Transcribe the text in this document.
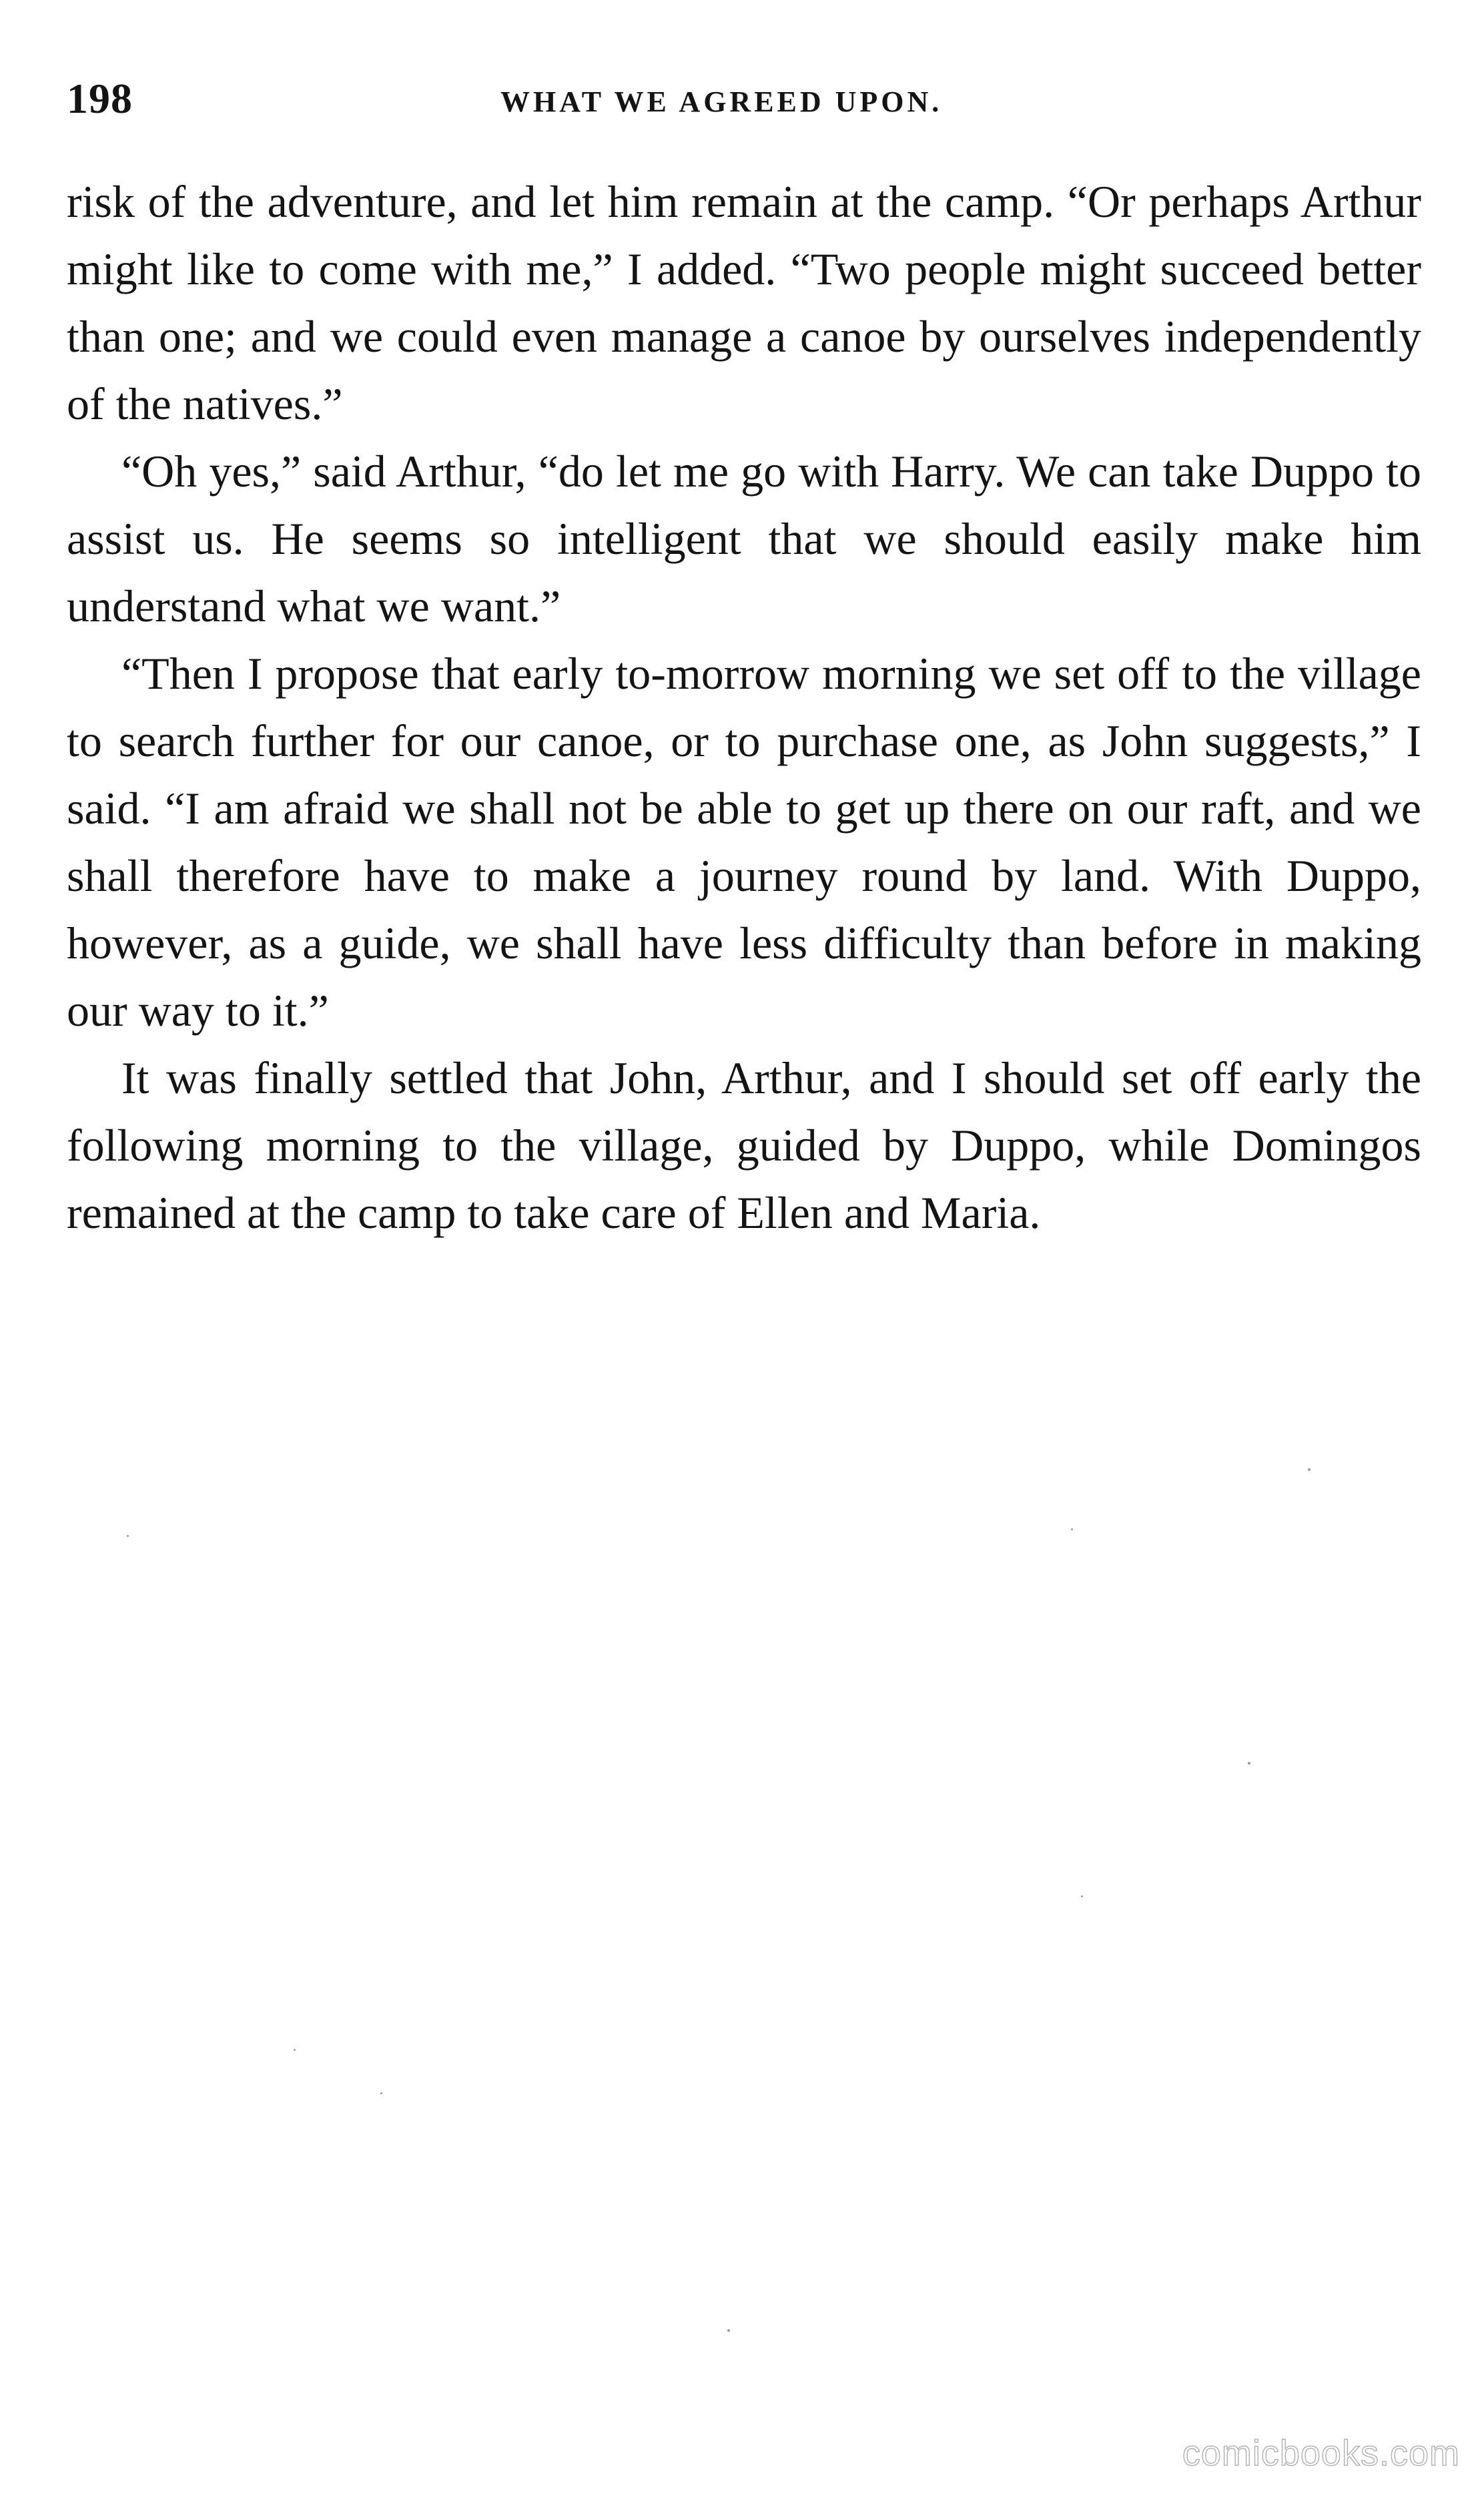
198	WHAT WE AGREED UPON.

risk of the adventure, and let him remain at the camp. “Or perhaps Arthur might like to come with me,” I added. “Two people might succeed better than one; and we could even manage a canoe by ourselves independently of the natives.”

“Oh yes,” said Arthur, “do let me go with Harry. We can take Duppo to assist us. He seems so intelligent that we should easily make him understand what we want.”

“Then I propose that early to-morrow morning we set off to the village to search further for our canoe, or to purchase one, as John suggests,” I said. “I am afraid we shall not be able to get up there on our raft, and we shall therefore have to make a journey round by land. With Duppo, however, as a guide, we shall have less difficulty than before in making our way to it.”

It was finally settled that John, Arthur, and I should set off early the following morning to the village, guided by Duppo, while Domingos remained at the camp to take care of Ellen and Maria.

comicbooks.com
